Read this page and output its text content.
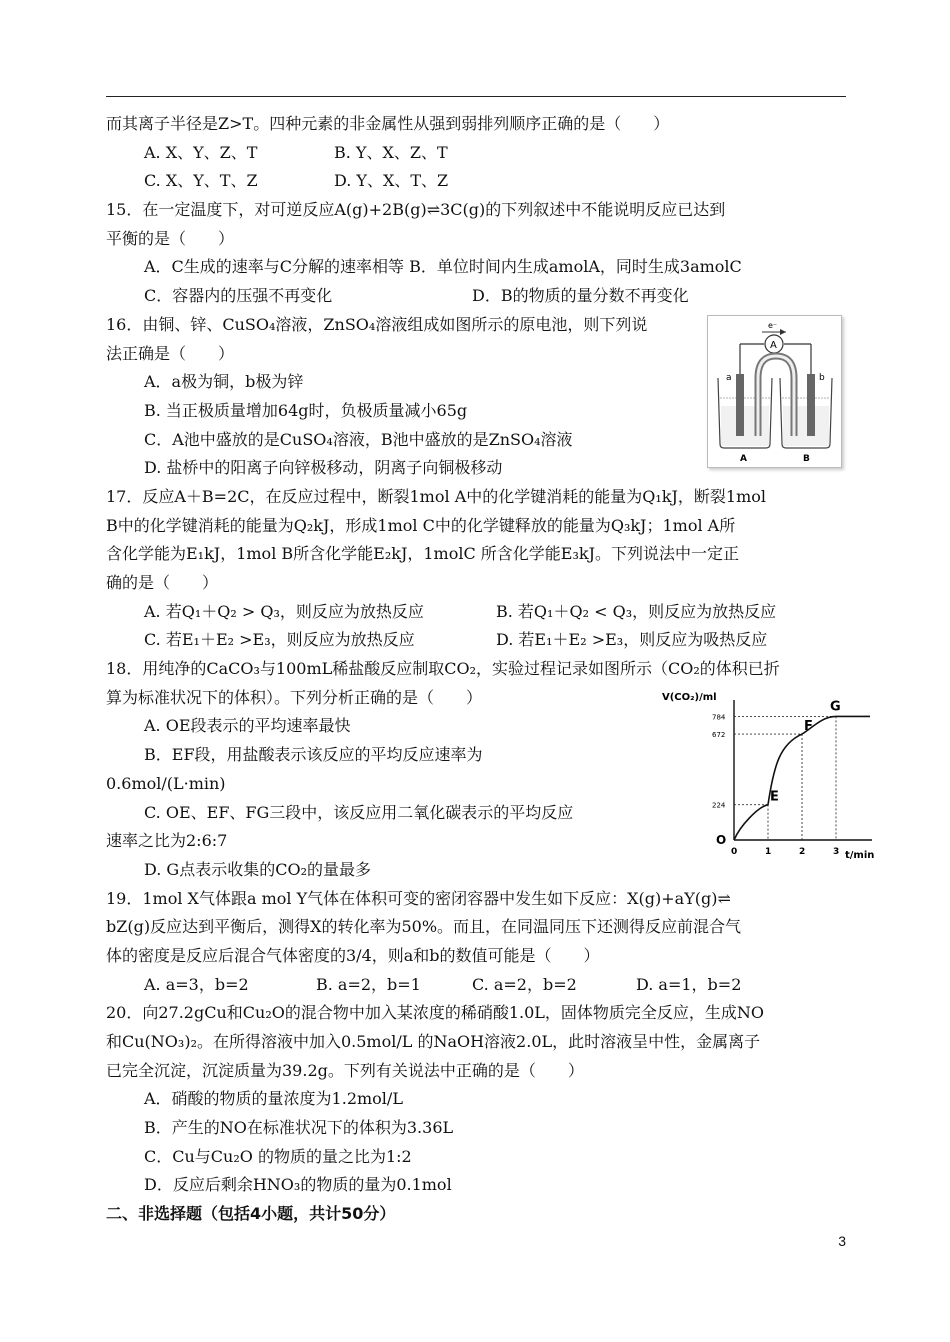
而其离子半径是Z>T。四种元素的非金属性从强到弱排列顺序正确的是（　　）
A. X、Y、Z、T	B. Y、X、Z、T
C. X、Y、T、Z	D. Y、X、T、Z
15．在一定温度下，对可逆反应A(g)+2B(g)⇌3C(g)的下列叙述中不能说明反应已达到
平衡的是（　　）
A．C生成的速率与C分解的速率相等 B．单位时间内生成amolA，同时生成3amolC
C．容器内的压强不再变化	D．B的物质的量分数不再变化
16．由铜、锌、CuSO₄溶液，ZnSO₄溶液组成如图所示的原电池，则下列说
法正确是（　　）
A．a极为铜，b极为锌
B. 当正极质量增加64g时，负极质量减小65g
C．A池中盛放的是CuSO₄溶液，B池中盛放的是ZnSO₄溶液
D. 盐桥中的阳离子向锌极移动，阴离子向铜极移动
17．反应A＋B=2C，在反应过程中，断裂1mol A中的化学键消耗的能量为Q₁kJ，断裂1mol
B中的化学键消耗的能量为Q₂kJ，形成1mol C中的化学键释放的能量为Q₃kJ；1mol A所
含化学能为E₁kJ，1mol B所含化学能E₂kJ，1molC 所含化学能E₃kJ。下列说法中一定正
确的是（　　）
A. 若Q₁＋Q₂ > Q₃，则反应为放热反应	B. 若Q₁＋Q₂ < Q₃，则反应为放热反应
C. 若E₁＋E₂ >E₃，则反应为放热反应	D. 若E₁＋E₂ >E₃，则反应为吸热反应
18．用纯净的CaCO₃与100mL稀盐酸反应制取CO₂，实验过程记录如图所示（CO₂的体积已折
算为标准状况下的体积）。下列分析正确的是（　　）
A. OE段表示的平均速率最快
B．EF段，用盐酸表示该反应的平均反应速率为
0.6mol/(L·min)
C. OE、EF、FG三段中，该反应用二氧化碳表示的平均反应
速率之比为2:6:7
D. G点表示收集的CO₂的量最多
19．1mol X气体跟a mol Y气体在体积可变的密闭容器中发生如下反应：X(g)+aY(g)⇌
bZ(g)反应达到平衡后，测得X的转化率为50%。而且，在同温同压下还测得反应前混合气
体的密度是反应后混合气体密度的3/4，则a和b的数值可能是（　　）
A. a=3，b=2	B. a=2，b=1	C. a=2，b=2	D. a=1，b=2
20．向27.2gCu和Cu₂O的混合物中加入某浓度的稀硝酸1.0L，固体物质完全反应，生成NO
和Cu(NO₃)₂。在所得溶液中加入0.5mol/L 的NaOH溶液2.0L，此时溶液呈中性，金属离子
已完全沉淀，沉淀质量为39.2g。下列有关说法中正确的是（　　）
A．硝酸的物质的量浓度为1.2mol/L
B．产生的NO在标准状况下的体积为3.36L
C．Cu与Cu₂O 的物质的量之比为1:2
D．反应后剩余HNO₃的物质的量为0.1mol
二、非选择题（包括4小题，共计50分）
e⁻
A
a	b
A	B
V(CO₂)/ml
t/min
O
0	1	2	3
224
672
784
E
F
G
3
